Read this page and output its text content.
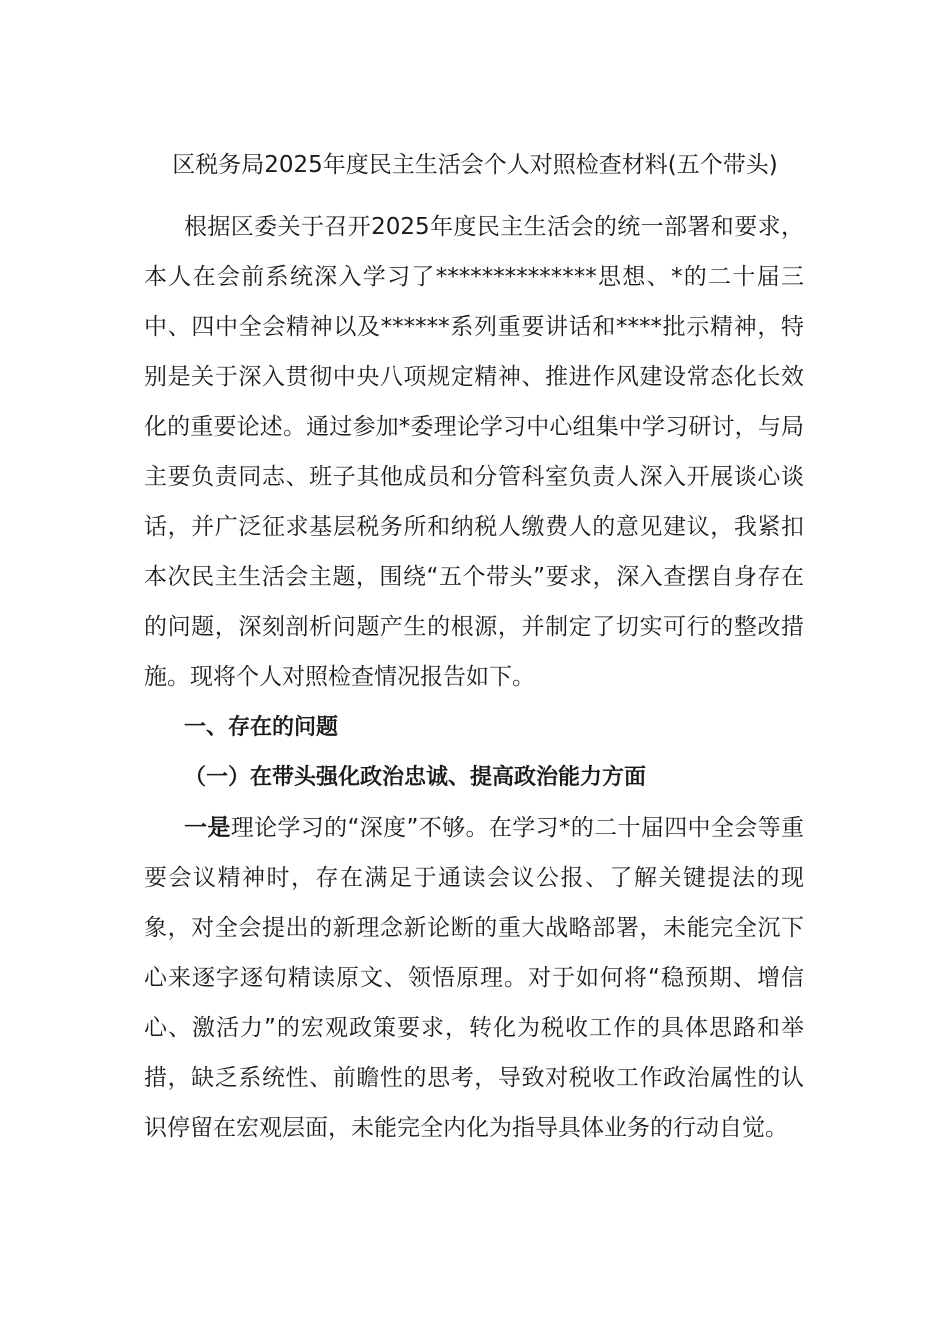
区税务局2025年度民主生活会个人对照检查材料(五个带头)
根据区委关于召开2025年度民主生活会的统一部署和要求，本人在会前系统深入学习了**************思想、*的二十届三中、四中全会精神以及******系列重要讲话和****批示精神，特别是关于深入贯彻中央八项规定精神、推进作风建设常态化长效化的重要论述。通过参加*委理论学习中心组集中学习研讨，与局主要负责同志、班子其他成员和分管科室负责人深入开展谈心谈话，并广泛征求基层税务所和纳税人缴费人的意见建议，我紧扣本次民主生活会主题，围绕“五个带头”要求，深入查摆自身存在的问题，深刻剖析问题产生的根源，并制定了切实可行的整改措施。现将个人对照检查情况报告如下。
一、存在的问题
（一）在带头强化政治忠诚、提高政治能力方面
一是理论学习的“深度”不够。在学习*的二十届四中全会等重要会议精神时，存在满足于通读会议公报、了解关键提法的现象，对全会提出的新理念新论断的重大战略部署，未能完全沉下心来逐字逐句精读原文、领悟原理。对于如何将“稳预期、增信心、激活力”的宏观政策要求，转化为税收工作的具体思路和举措，缺乏系统性、前瞻性的思考，导致对税收工作政治属性的认识停留在宏观层面，未能完全内化为指导具体业务的行动自觉。
